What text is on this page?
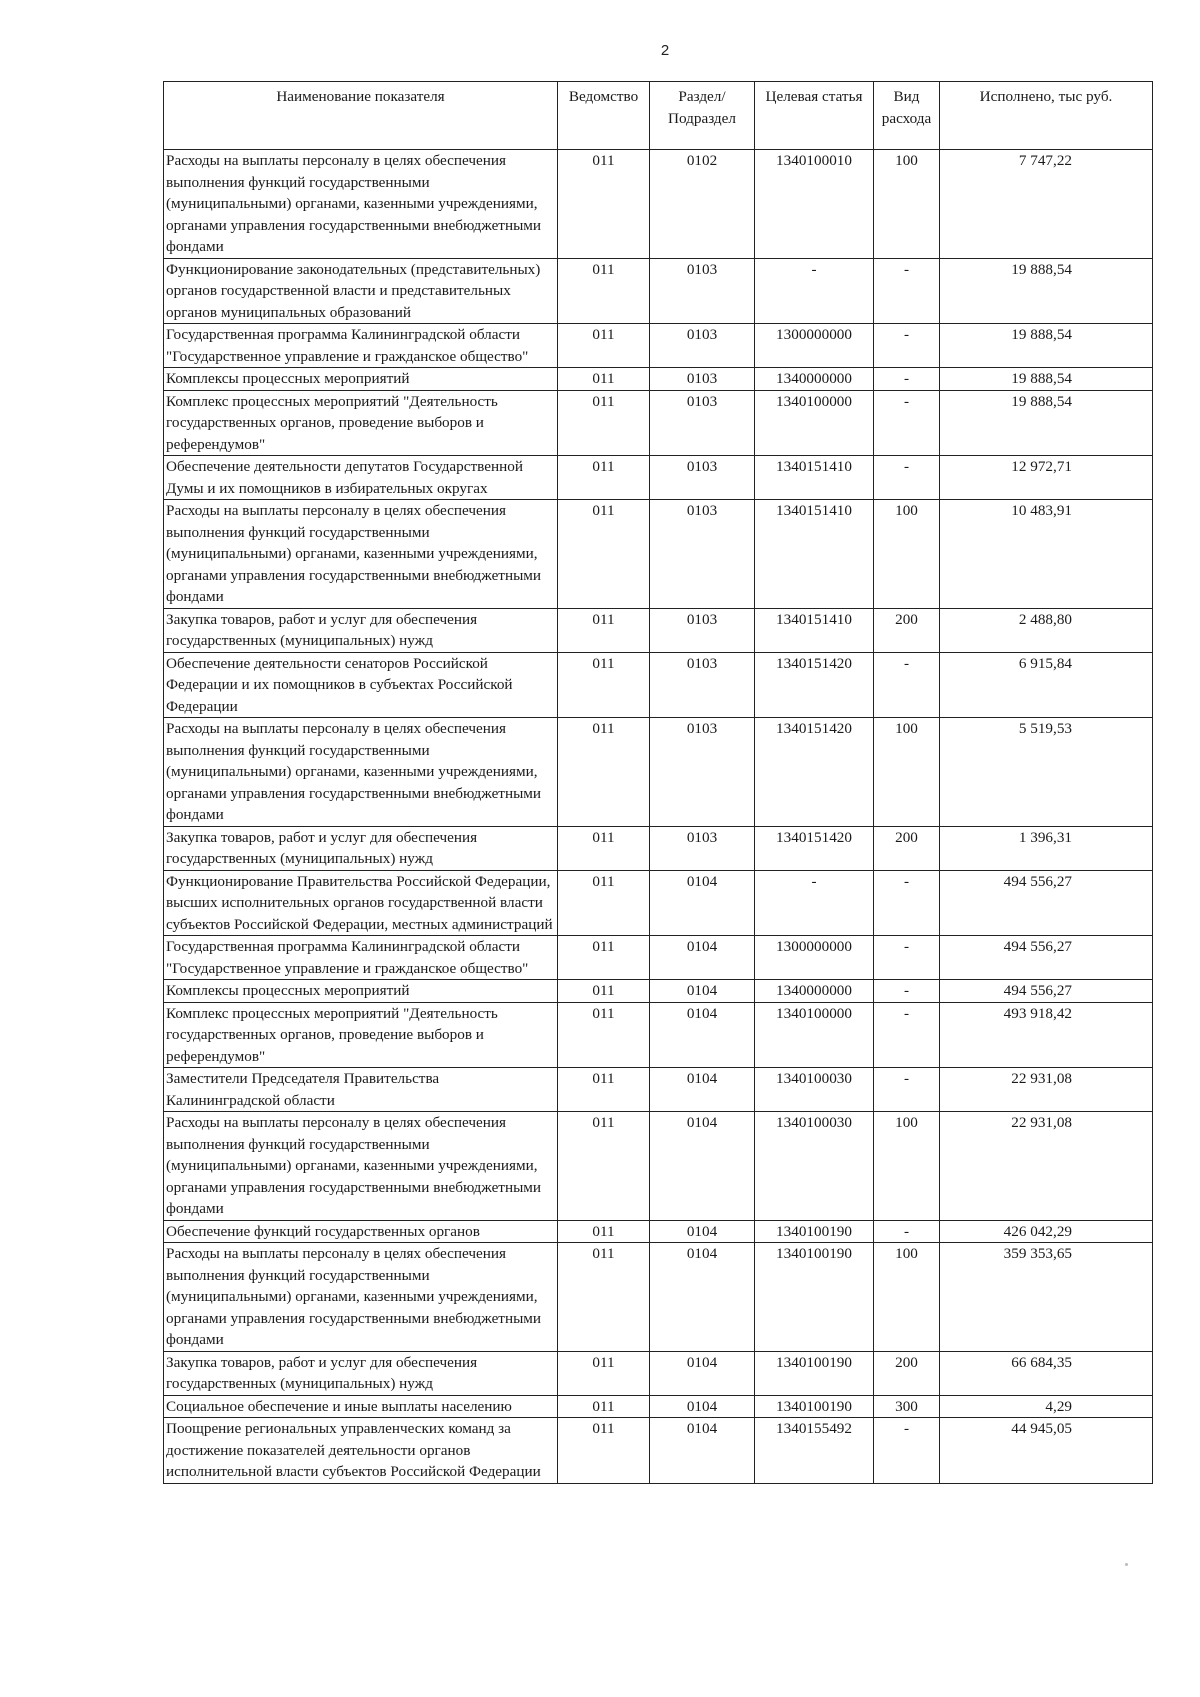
2
Наименование показателя	Ведомство	Раздел/ Подраздел	Целевая статья	Вид расхода	Исполнено, тыс руб.
Расходы на выплаты персоналу в целях обеспечения выполнения функций государственными (муниципальными) органами, казенными учреждениями, органами управления государственными внебюджетными фондами	011	0102	1340100010	100	7 747,22
Функционирование законодательных (представительных) органов государственной власти и представительных органов муниципальных образований	011	0103	-	-	19 888,54
Государственная программа Калининградской области "Государственное управление и гражданское общество"	011	0103	1300000000	-	19 888,54
Комплексы процессных мероприятий	011	0103	1340000000	-	19 888,54
Комплекс процессных мероприятий "Деятельность государственных органов, проведение выборов и референдумов"	011	0103	1340100000	-	19 888,54
Обеспечение деятельности депутатов Государственной Думы и их помощников в избирательных округах	011	0103	1340151410	-	12 972,71
Расходы на выплаты персоналу в целях обеспечения выполнения функций государственными (муниципальными) органами, казенными учреждениями, органами управления государственными внебюджетными фондами	011	0103	1340151410	100	10 483,91
Закупка товаров, работ и услуг для обеспечения государственных (муниципальных) нужд	011	0103	1340151410	200	2 488,80
Обеспечение деятельности сенаторов Российской Федерации и их помощников в субъектах Российской Федерации	011	0103	1340151420	-	6 915,84
Расходы на выплаты персоналу в целях обеспечения выполнения функций государственными (муниципальными) органами, казенными учреждениями, органами управления государственными внебюджетными фондами	011	0103	1340151420	100	5 519,53
Закупка товаров, работ и услуг для обеспечения государственных (муниципальных) нужд	011	0103	1340151420	200	1 396,31
Функционирование Правительства Российской Федерации, высших исполнительных органов государственной власти субъектов Российской Федерации, местных администраций	011	0104	-	-	494 556,27
Государственная программа Калининградской области "Государственное управление и гражданское общество"	011	0104	1300000000	-	494 556,27
Комплексы процессных мероприятий	011	0104	1340000000	-	494 556,27
Комплекс процессных мероприятий "Деятельность государственных органов, проведение выборов и референдумов"	011	0104	1340100000	-	493 918,42
Заместители Председателя Правительства Калининградской области	011	0104	1340100030	-	22 931,08
Расходы на выплаты персоналу в целях обеспечения выполнения функций государственными (муниципальными) органами, казенными учреждениями, органами управления государственными внебюджетными фондами	011	0104	1340100030	100	22 931,08
Обеспечение функций государственных органов	011	0104	1340100190	-	426 042,29
Расходы на выплаты персоналу в целях обеспечения выполнения функций государственными (муниципальными) органами, казенными учреждениями, органами управления государственными внебюджетными фондами	011	0104	1340100190	100	359 353,65
Закупка товаров, работ и услуг для обеспечения государственных (муниципальных) нужд	011	0104	1340100190	200	66 684,35
Социальное обеспечение и иные выплаты населению	011	0104	1340100190	300	4,29
Поощрение региональных управленческих команд за достижение показателей деятельности органов исполнительной власти субъектов Российской Федерации	011	0104	1340155492	-	44 945,05
